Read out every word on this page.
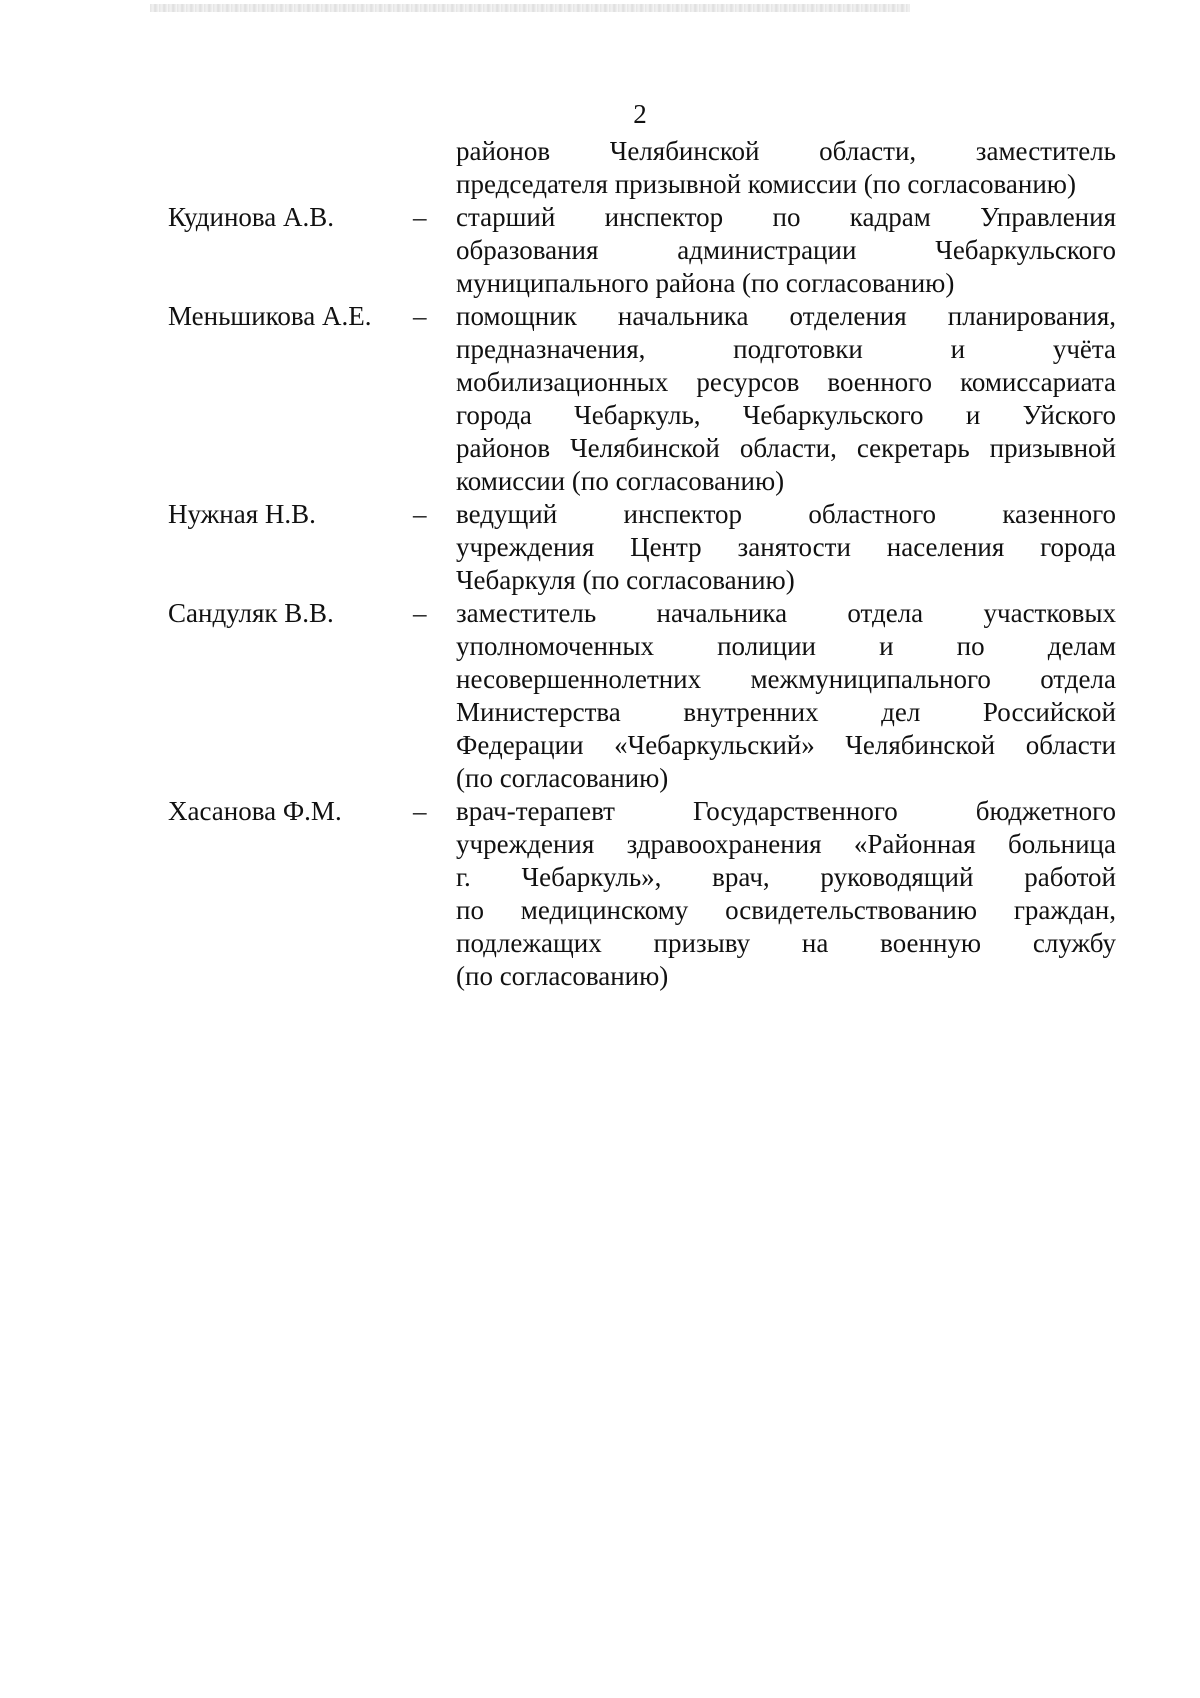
2
районов Челябинской области, заместитель
председателя призывной комиссии (по согласованию)
Кудинова А.В.	– старший инспектор по кадрам Управления
образования администрации Чебаркульского
муниципального района (по согласованию)
Меньшикова А.Е. – помощник начальника отделения планирования,
предназначения, подготовки и учёта
мобилизационных ресурсов военного комиссариата
города Чебаркуль, Чебаркульского и Уйского
районов Челябинской области, секретарь призывной
комиссии (по согласованию)
Нужная Н.В.	– ведущий инспектор областного казенного
учреждения Центр занятости населения города
Чебаркуля (по согласованию)
Сандуляк В.В.	– заместитель начальника отдела участковых
уполномоченных полиции и по делам
несовершеннолетних межмуниципального отдела
Министерства внутренних дел Российской
Федерации «Чебаркульский» Челябинской области
(по согласованию)
Хасанова Ф.М.	– врач-терапевт Государственного бюджетного
учреждения здравоохранения «Районная больница
г. Чебаркуль», врач, руководящий работой
по медицинскому освидетельствованию граждан,
подлежащих призыву на военную службу
(по согласованию)
